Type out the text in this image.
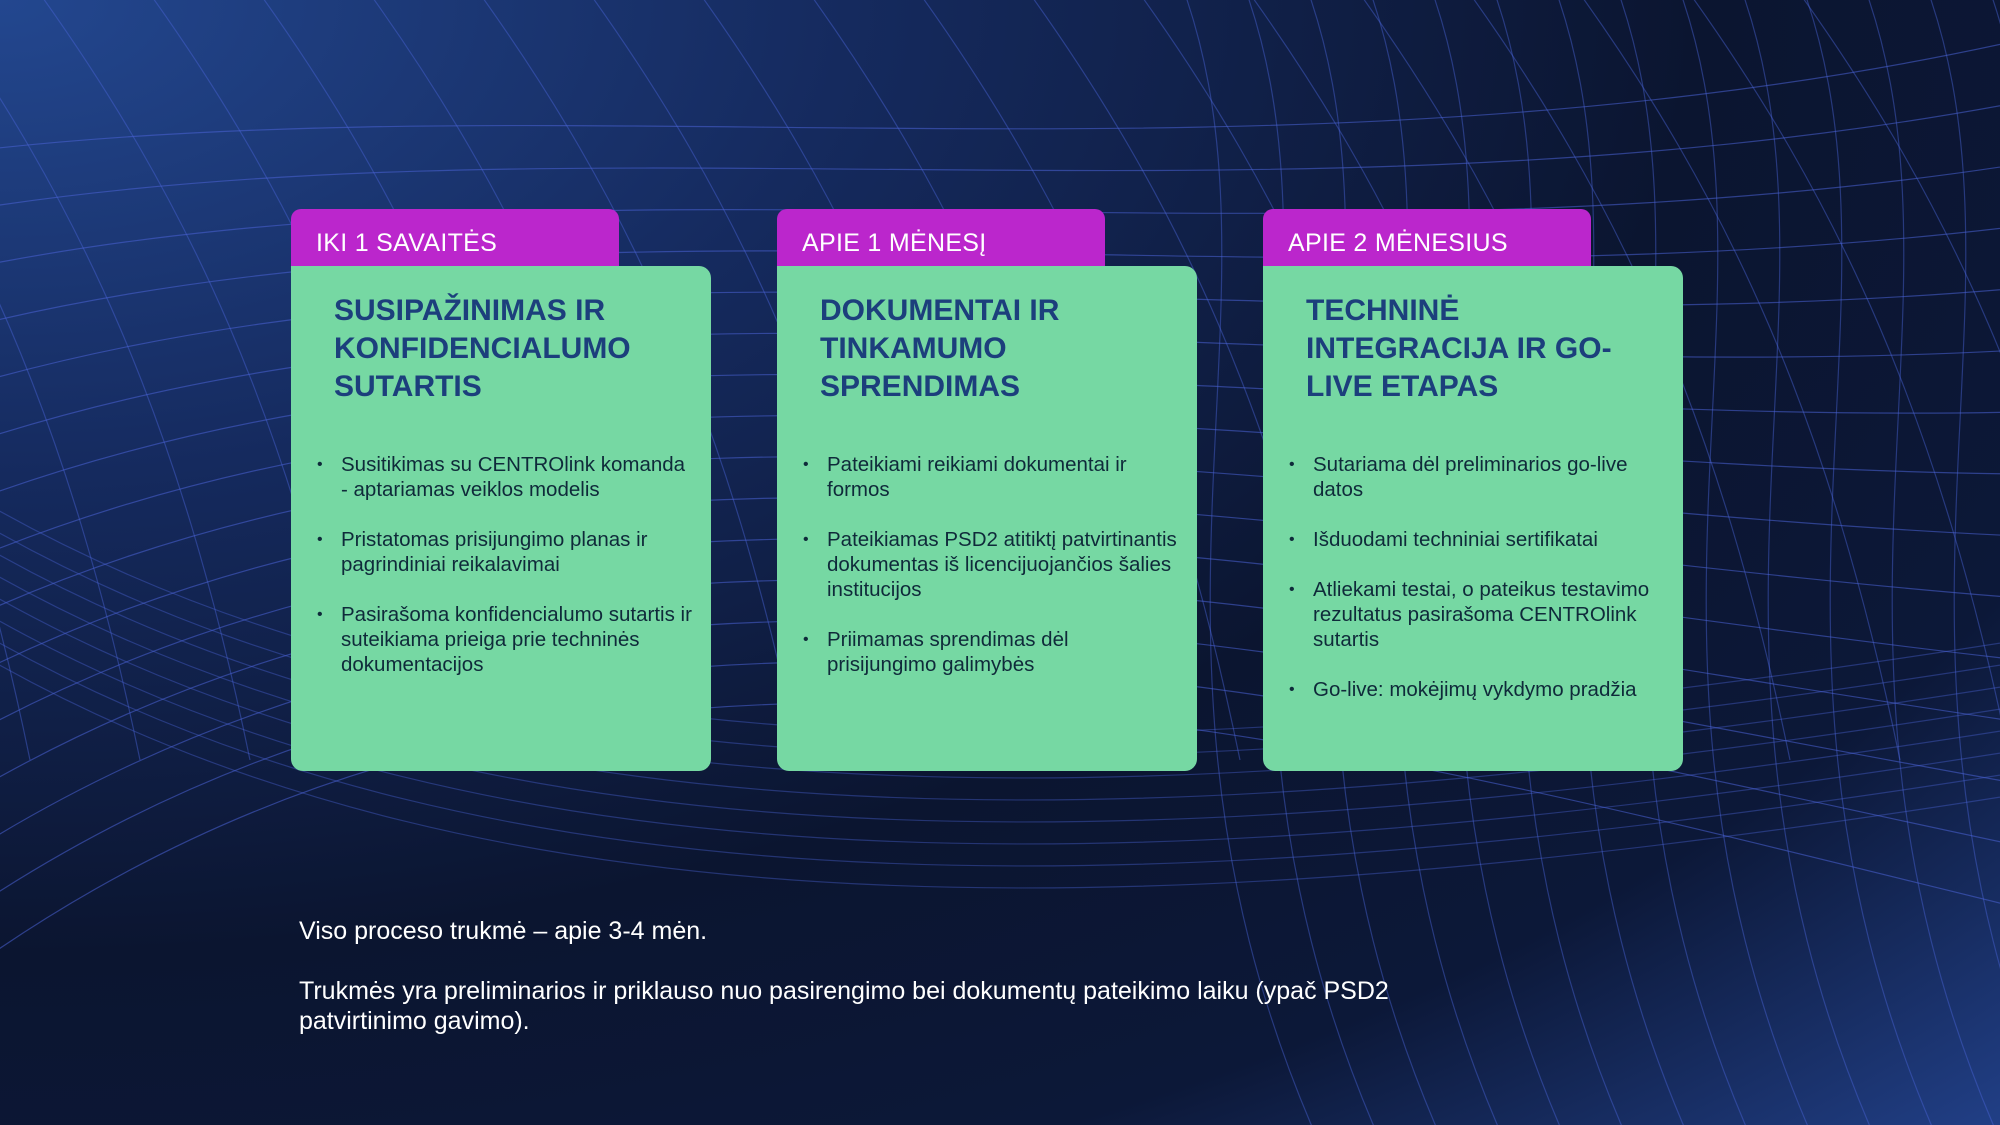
IKI 1 SAVAITĖS
SUSIPAŽINIMAS IR KONFIDENCIALUMO SUTARTIS
• Susitikimas su CENTROlink komanda - aptariamas veiklos modelis
• Pristatomas prisijungimo planas ir pagrindiniai reikalavimai
• Pasirašoma konfidencialumo sutartis ir suteikiama prieiga prie techninės dokumentacijos
APIE 1 MĖNESĮ
DOKUMENTAI IR TINKAMUMO SPRENDIMAS
• Pateikiami reikiami dokumentai ir formos
• Pateikiamas PSD2 atitiktį patvirtinantis dokumentas iš licencijuojančios šalies institucijos
• Priimamas sprendimas dėl prisijungimo galimybės
APIE 2 MĖNESIUS
TECHNINĖ INTEGRACIJA IR GO-LIVE ETAPAS
• Sutariama dėl preliminarios go-live datos
• Išduodami techniniai sertifikatai
• Atliekami testai, o pateikus testavimo rezultatus pasirašoma CENTROlink sutartis
• Go-live: mokėjimų vykdymo pradžia
Viso proceso trukmė – apie 3-4 mėn.
Trukmės yra preliminarios ir priklauso nuo pasirengimo bei dokumentų pateikimo laiku (ypač PSD2 patvirtinimo gavimo).
